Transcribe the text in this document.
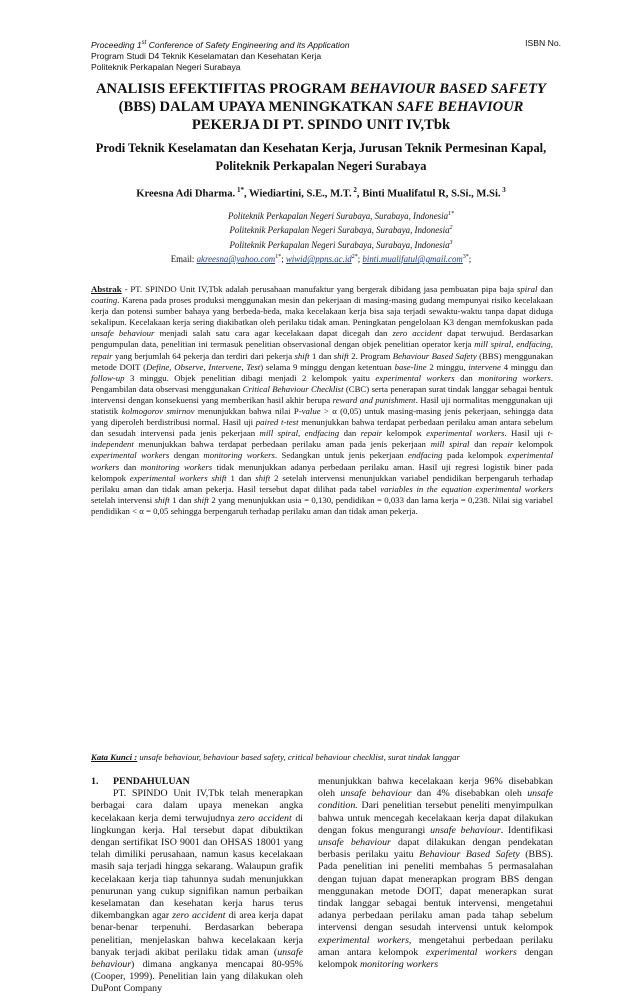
Proceeding 1st Conference of Safety Engineering and its Application	ISBN No.
Program Studi D4 Teknik Keselamatan dan Kesehatan Kerja
Politeknik Perkapalan Negeri Surabaya
ANALISIS EFEKTIFITAS PROGRAM BEHAVIOUR BASED SAFETY (BBS) DALAM UPAYA MENINGKATKAN SAFE BEHAVIOUR PEKERJA DI PT. SPINDO UNIT IV,Tbk
Prodi Teknik Keselamatan dan Kesehatan Kerja, Jurusan Teknik Permesinan Kapal, Politeknik Perkapalan Negeri Surabaya
Kreesna Adi Dharma. $^{1*}$, Wiediartini, S.E., M.T. $^2$, Binti Mualifatul R, S.Si., M.Si. $^3$
Politeknik Perkapalan Negeri Surabaya, Surabaya, Indonesia$^{1*}$
Politeknik Perkapalan Negeri Surabaya, Surabaya, Indonesia$^2$
Politeknik Perkapalan Negeri Surabaya, Surabaya, Indonesia$^3$
Email: akreesna@yahoo.com$^{1*}$; $wiwid@ppns.ac.id^{2*}$; binti.mualifatul@gmail.com$^{3*}$;
Abstrak - PT. SPINDO Unit IV,Tbk adalah perusahaan manufaktur yang bergerak dibidang jasa pembuatan pipa baja spiral dan coating. Karena pada proses produksi menggunakan mesin dan pekerjaan di masing-masing gudang mempunyai risiko kecelakaan kerja dan potensi sumber bahaya yang berbeda-beda, maka kecelakaan kerja bisa saja terjadi sewaktu-waktu tanpa dapat diduga sekalipun. Kecelakaan kerja sering diakibatkan oleh perilaku tidak aman. Peningkatan pengelolaan K3 dengan memfokuskan pada unsafe behaviour menjadi salah satu cara agar kecelakaan dapat dicegah dan zero accident dapat terwujud. Berdasarkan pengumpulan data, penelitian ini termasuk penelitian observasional dengan objek penelitian operator kerja mill spiral, endfacing, repair yang berjumlah 64 pekerja dan terdiri dari pekerja shift 1 dan shift 2. Program Behaviour Based Safety (BBS) menggunakan metode DOIT (Define, Observe, Intervene, Test) selama 9 minggu dengan ketentuan base-line 2 minggu, intervene 4 minggu dan follow-up 3 minggu. Objek penelitian dibagi menjadi 2 kelompok yaitu experimental workers dan monitoring workers. Pengambilan data observasi menggunakan Critical Behaviour Checklist (CBC) serta penerapan surat tindak langgar sebagai bentuk intervensi dengan konsekuensi yang memberikan hasil akhir berupa reward and punishment. Hasil uji normalitas menggunakan uji statistik kolmogorov smirnov menunjukkan bahwa nilai P-value > α (0,05) untuk masing-masing jenis pekerjaan, sehingga data yang diperoleh berdistribusi normal. Hasil uji paired t-test menunjukkan bahwa terdapat perbedaan perilaku aman antara sebelum dan sesudah intervensi pada jenis pekerjaan mill spiral, endfacing dan repair kelompok experimental workers. Hasil uji t-independent menunjukkan bahwa terdapat perbedaan perilaku aman pada jenis pekerjaan mill spiral dan repair kelompok experimental workers dengan monitoring workers. Sedangkan untuk jenis pekerjaan endfacing pada kelompok experimental workers dan monitoring workers tidak menunjukkan adanya perbedaan perilaku aman. Hasil uji regresi logistik biner pada kelompok experimental workers shift 1 dan shift 2 setelah intervensi menunjukkan variabel pendidikan berpengaruh terhadap perilaku aman dan tidak aman pekerja. Hasil tersebut dapat dilihat pada tabel variables in the equation experimental workers setelah intervensi shift 1 dan shift 2 yang menunjukkan usia = 0,130, pendidikan = 0,033 dan lama kerja = 0,238. Nilai sig variabel pendidikan < α = 0,05 sehingga berpengaruh terhadap perilaku aman dan tidak aman pekerja.
Kata Kunci : unsafe behaviour, behaviour based safety, critical behaviour checklist, surat tindak langgar
1. PENDAHULUAN

PT. SPINDO Unit IV,Tbk telah menerapkan berbagai cara dalam upaya menekan angka kecelakaan kerja demi terwujudnya zero accident di lingkungan kerja. Hal tersebut dapat dibuktikan dengan sertifikat ISO 9001 dan OHSAS 18001 yang telah dimiliki perusahaan, namun kasus kecelakaan masih saja terjadi hingga sekarang. Walaupun grafik kecelakaan kerja tiap tahunnya sudah menunjukkan penurunan yang cukup signifikan namun perbaikan keselamatan dan kesehatan kerja harus terus dikembangkan agar zero accident di area kerja dapat benar-benar terpenuhi. Berdasarkan beberapa penelitian, menjelaskan bahwa kecelakaan kerja banyak terjadi akibat perilaku tidak aman (unsafe behaviour) dimana angkanya mencapai 80-95% (Cooper, 1999). Penelitian lain yang dilakukan oleh DuPont Company

menunjukkan bahwa kecelakaan kerja 96% disebabkan oleh unsafe behaviour dan 4% disebabkan oleh unsafe condition. Dari penelitian tersebut peneliti menyimpulkan bahwa untuk mencegah kecelakaan kerja dapat dilakukan dengan fokus mengurangi unsafe behaviour. Identifikasi unsafe behaviour dapat dilakukan dengan pendekatan berbasis perilaku yaitu Behaviour Based Safety (BBS). Pada penelitian ini peneliti membahas 5 permasalahan dengan tujuan dapat menerapkan program BBS dengan menggunakan metode DOIT, dapat menerapkan surat tindak langgar sebagai bentuk intervensi, mengetahui adanya perbedaan perilaku aman pada tahap sebelum intervensi dengan sesudah intervensi untuk kelompok experimental workers, mengetahui perbedaan perilaku aman antara kelompok experimental workers dengan kelompok monitoring workers
